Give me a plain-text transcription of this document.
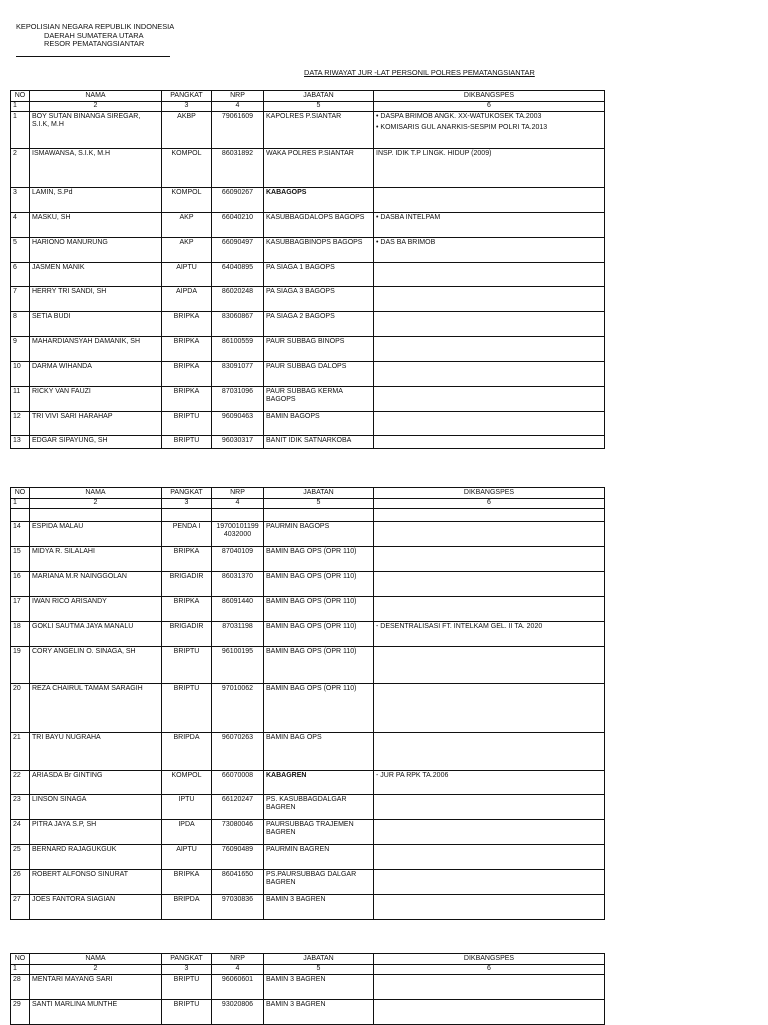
KEPOLISIAN NEGARA REPUBLIK INDONESIA
DAERAH SUMATERA UTARA
RESOR PEMATANGSIANTAR
DATA RIWAYAT JUR -LAT PERSONIL POLRES PEMATANGSIANTAR
NO	NAMA	PANGKAT	NRP	JABATAN	DIKBANGSPES
1	2	3	4	5	6
1	BOY SUTAN BINANGA SIREGAR, S.I.K, M.H	AKBP	79061609	KAPOLRES P.SIANTAR	• DASPA BRIMOB ANGK. XX-WATUKOSEK TA.2003
• KOMISARIS GUL ANARKIS-SESPIM POLRI TA.2013

2	ISMAWANSA, S.I.K, M.H	KOMPOL	86031892	WAKA POLRES P.SIANTAR	INSP. IDIK T.P LINGK. HIDUP (2009)

3	LAMIN, S.Pd	KOMPOL	66090267	KABAGOPS	
4	MASKU, SH	AKP	66040210	KASUBBAGDALOPS BAGOPS	• DASBA INTELPAM

5	HARIONO MANURUNG	AKP	66090497	KASUBBAGBINOPS BAGOPS	• DAS BA BRIMOB

6	JASMEN MANIK	AIPTU	64040895	PA SIAGA 1 BAGOPS	
7	HERRY TRI SANDI, SH	AIPDA	86020248	PA SIAGA 3 BAGOPS	
8	SETIA BUDI	BRIPKA	83060867	PA SIAGA 2 BAGOPS	
9	MAHARDIANSYAH DAMANIK, SH	BRIPKA	86100559	PAUR SUBBAG BINOPS	
10	DARMA WIHANDA	BRIPKA	83091077	PAUR SUBBAG DALOPS	
11	RICKY VAN FAUZI	BRIPKA	87031096	PAUR SUBBAG KERMA BAGOPS	
12	TRI VIVI SARI HARAHAP	BRIPTU	96090463	BAMIN BAGOPS	
13	EDGAR SIPAYUNG, SH	BRIPTU	96030317	BANIT IDIK SATNARKOBA	
NO	NAMA	PANGKAT	NRP	JABATAN	DIKBANGSPES
1	2	3	4	5	6

14	ESPIDA MALAU	PENDA I	19700101199 4032000	PAURMIN BAGOPS	
15	MIDYA R. SILALAHI	BRIPKA	87040109	BAMIN BAG OPS (OPR 110)	
16	MARIANA M.R NAINGGOLAN	BRIGADIR	86031370	BAMIN BAG OPS (OPR 110)	
17	IWAN RICO ARISANDY	BRIPKA	86091440	BAMIN BAG OPS (OPR 110)	
18	GOKLI SAUTMA JAYA MANALU	BRIGADIR	87031198	BAMIN BAG OPS (OPR 110)	- DESENTRALISASI FT. INTELKAM GEL. II TA. 2020

19	CORY ANGELIN O. SINAGA, SH	BRIPTU	96100195	BAMIN BAG OPS (OPR 110)	
20	REZA CHAIRUL TAMAM SARAGIH	BRIPTU	97010062	BAMIN BAG OPS (OPR 110)	
21	TRI BAYU NUGRAHA	BRIPDA	96070263	BAMIN BAG OPS	
22	ARIASDA Br GINTING	KOMPOL	66070008	KABAGREN	- JUR PA RPK TA.2006

23	LINSON SINAGA	IPTU	66120247	PS. KASUBBAGDALGAR BAGREN	
24	PITRA JAYA S.P, SH	IPDA	73080046	PAURSUBBAG TRAJEMEN BAGREN	
25	BERNARD RAJAGUKGUK	AIPTU	76090489	PAURMIN BAGREN	
26	ROBERT ALFONSO SINURAT	BRIPKA	86041650	PS.PAURSUBBAG DALGAR BAGREN	
27	JOES FANTORA SIAGIAN	BRIPDA	97030836	BAMIN 3 BAGREN	
NO	NAMA	PANGKAT	NRP	JABATAN	DIKBANGSPES
1	2	3	4	5	6
28	MENTARI MAYANG SARI	BRIPTU	96060601	BAMIN 3 BAGREN	
29	SANTI MARLINA MUNTHE	BRIPTU	93020806	BAMIN 3 BAGREN	
